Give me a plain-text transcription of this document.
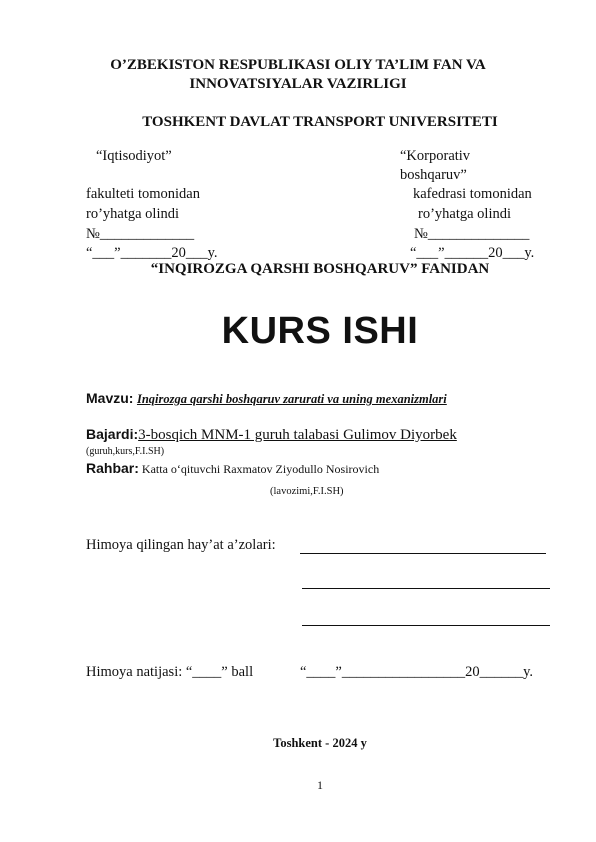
O’ZBEKISTON RESPUBLIKASI OLIY TA’LIM FAN VA
INNOVATSIYALAR VAZIRLIGI
TOSHKENT DAVLAT TRANSPORT UNIVERSITETI
“Iqtisodiyot”	“Korporativ boshqaruv”
fakulteti tomonidan
ro’yhatga olindi
№_____________
“___”_______20___y.
kafedrasi tomonidan
ro’yhatga olindi
№______________
“___”______20___y.
“INQIROZGA QARSHI BOSHQARUV” FANIDAN
KURS ISHI
Mavzu: Inqirozga qarshi boshqaruv zarurati va uning mexanizmlari
Bajardi:3-bosqich MNM-1 guruh talabasi Gulimov Diyorbek
(guruh,kurs,F.I.SH)
Rahbar: Katta o‘qituvchi Raxmatov Ziyodullo Nosirovich
(lavozimi,F.I.SH)
Himoya qilingan hay’at a’zolari:
Himoya natijasi: “____” ball	“____”_________________20______y.
Toshkent - 2024 y
1
